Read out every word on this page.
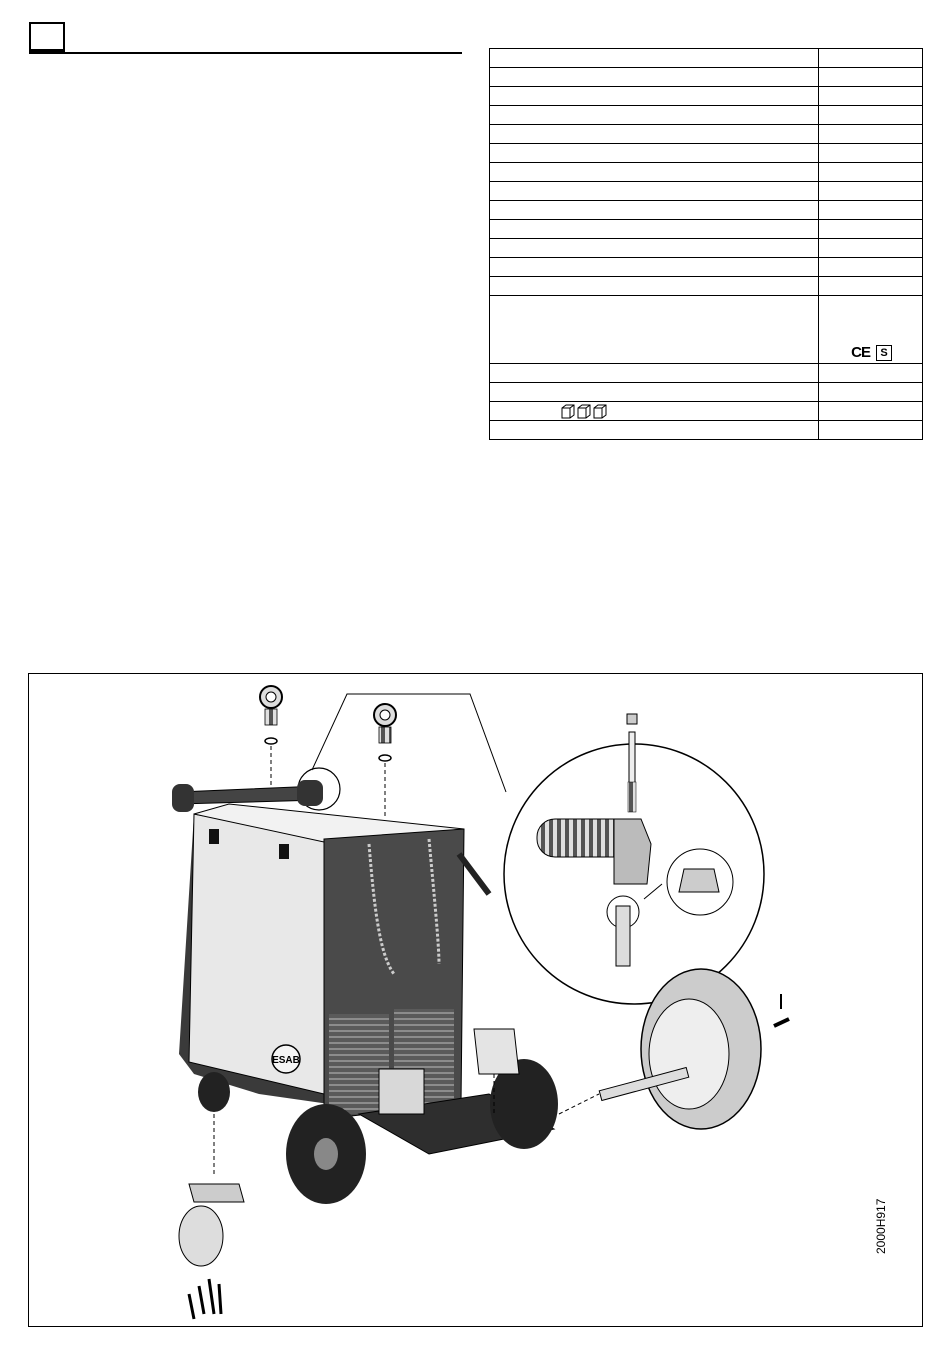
	CE S

ESAB
2000H917
